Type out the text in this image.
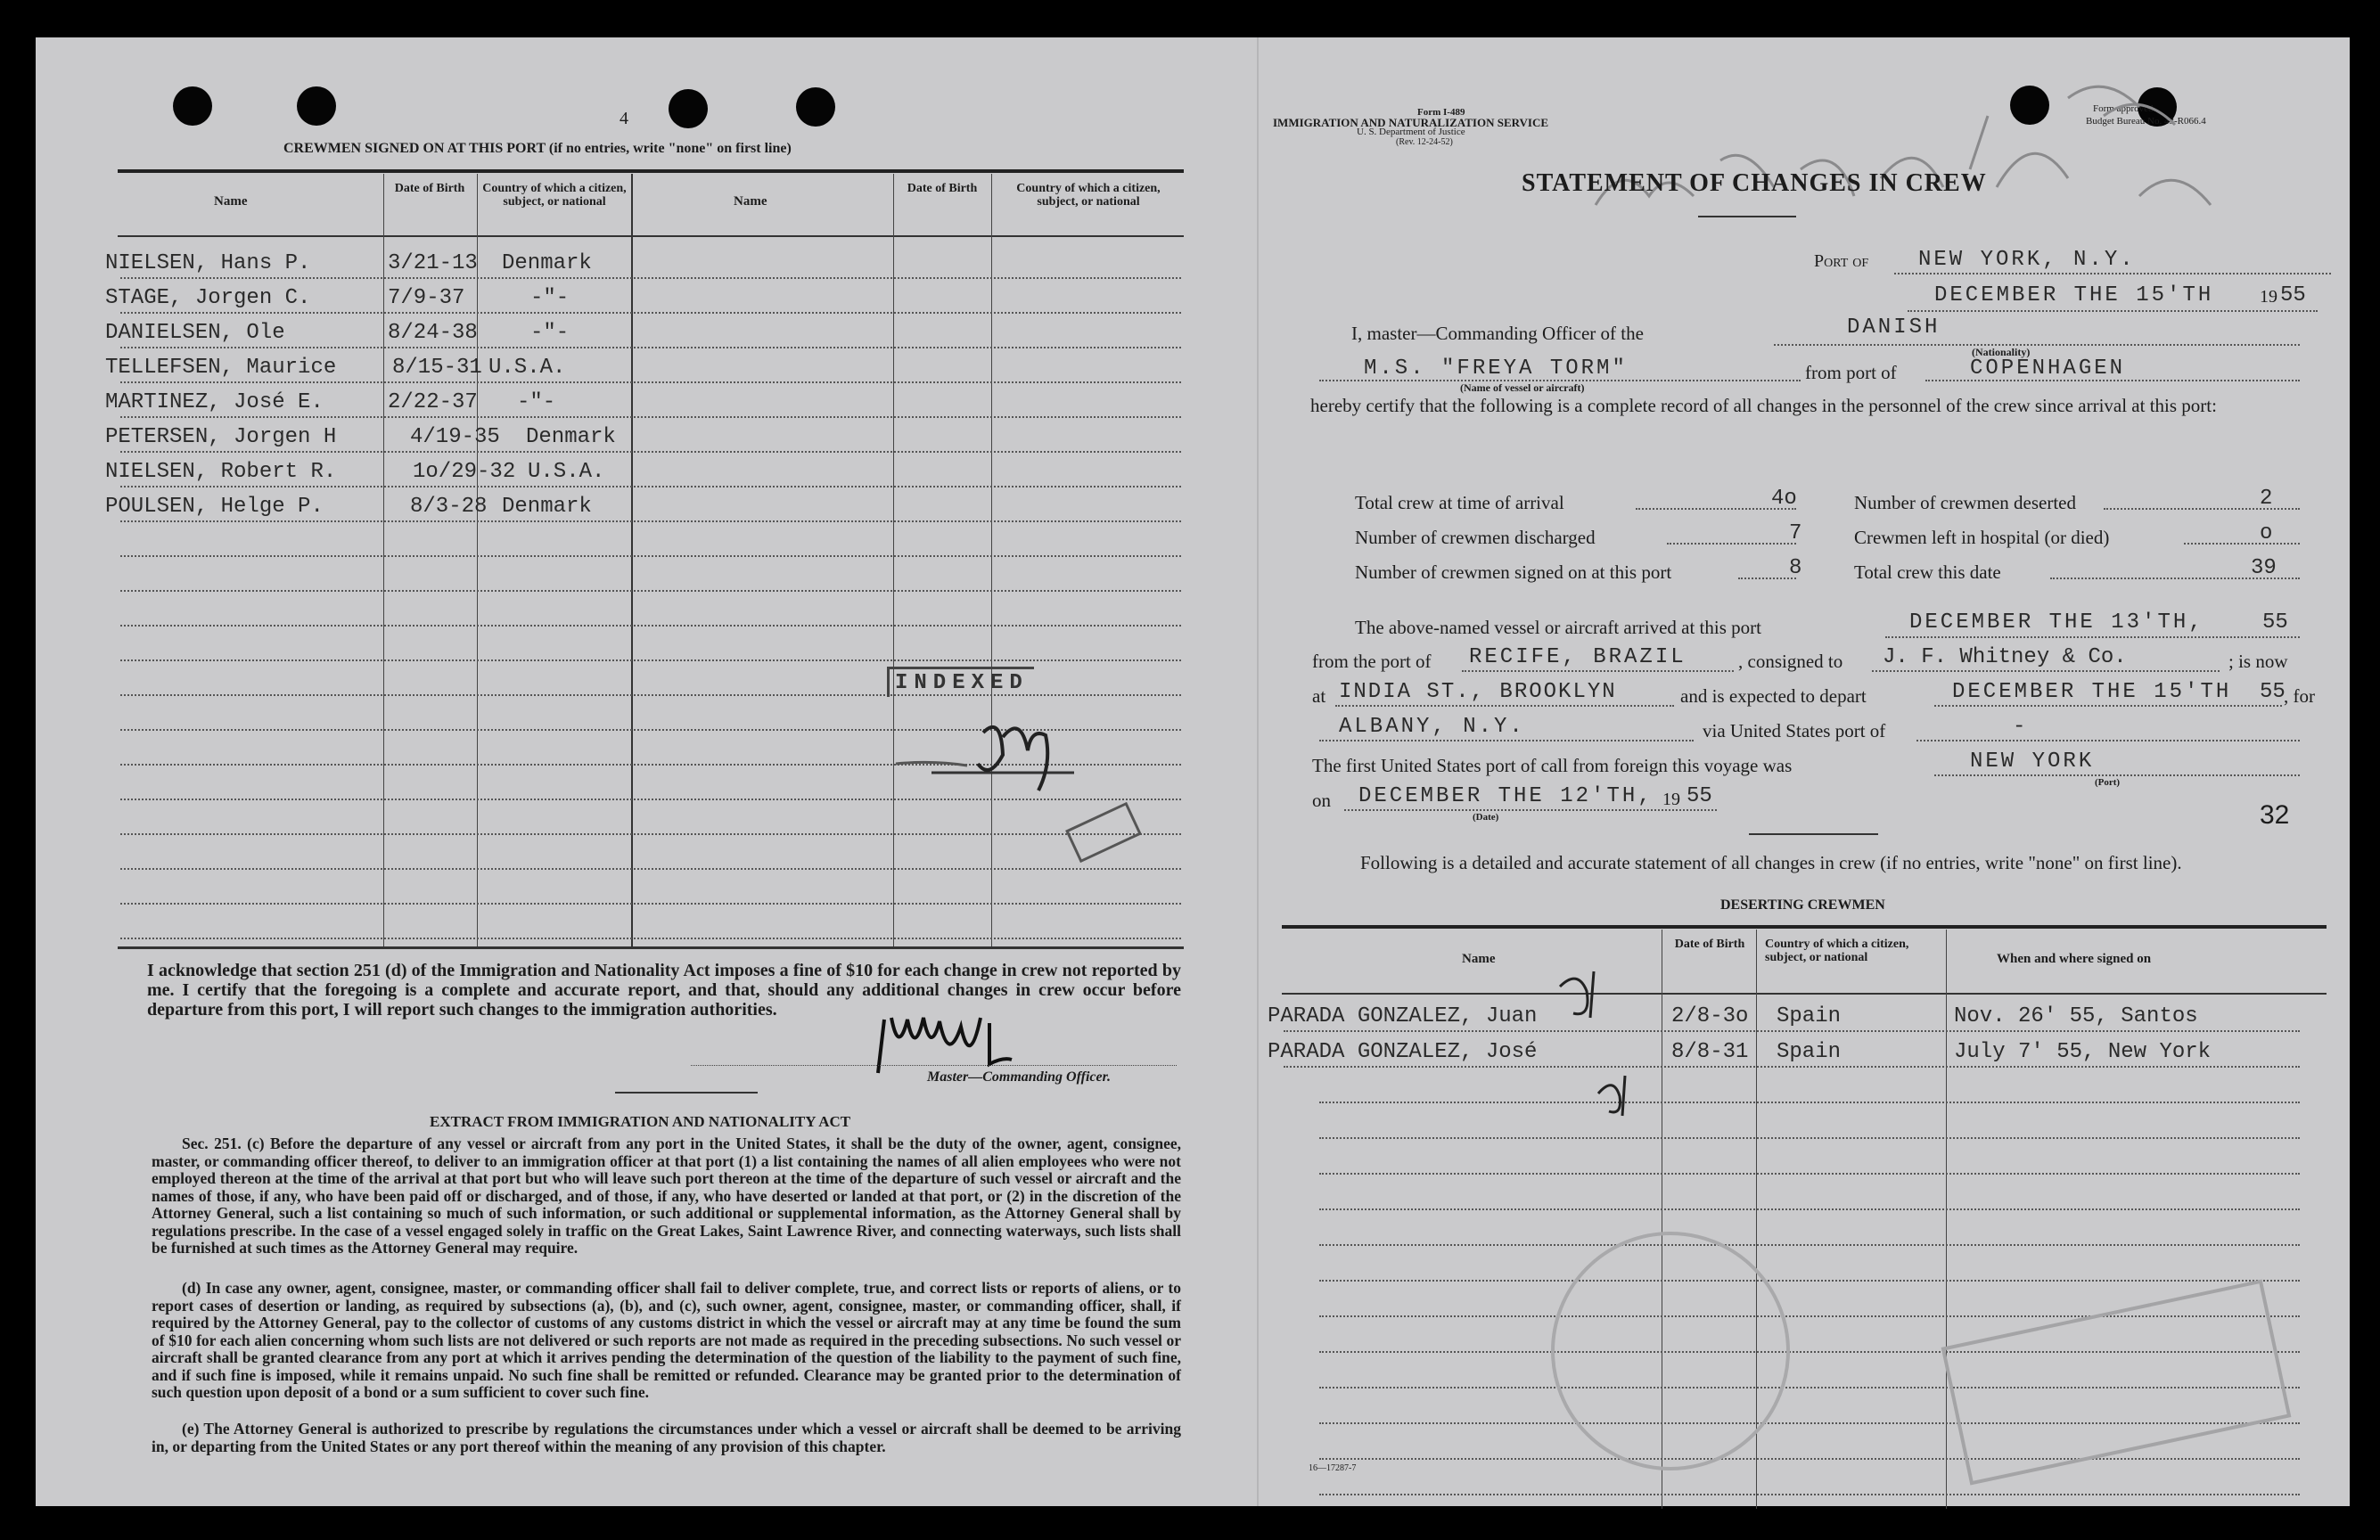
4
CREWMEN SIGNED ON AT THIS PORT (if no entries, write "none" on first line)
Name
Date of Birth	Country of which a citizen, subject, or national	Name
Date of Birth	Country of which a citizen, subject, or national
NIELSEN, Hans P.	3/21-13 Denmark
STAGE, Jorgen C.	7/9-37	-"-
DANIELSEN, Ole	8/24-38 -"-
TELLEFSEN, Maurice	8/15-31 U.S.A.
MARTINEZ, José E.	2/22-37 -"-
PETERSEN, Jorgen H	4/19-35 Denmark
NIELSEN, Robert R.	1o/29-32 U.S.A.
POULSEN, Helge P.	8/3-28 Denmark
INDEXED
I acknowledge that section 251 (d) of the Immigration and Nationality Act imposes a fine of $10 for each change in crew not reported by me. I certify that the foregoing is a complete and accurate report, and that, should any additional changes in crew occur before departure from this port, I will report such changes to the immigration authorities.
Master—Commanding Officer.
EXTRACT FROM IMMIGRATION AND NATIONALITY ACT
Sec. 251. (c) Before the departure of any vessel or aircraft from any port in the United States, it shall be the duty of the owner, agent, consignee, master, or commanding officer thereof, to deliver to an immigration officer at that port (1) a list containing the names of all alien employees who were not employed thereon at the time of the arrival at that port but who will leave such port thereon at the time of the departure of such vessel or aircraft and the names of those, if any, who have been paid off or discharged, and of those, if any, who have deserted or landed at that port, or (2) in the discretion of the Attorney General, such a list containing so much of such information, or such additional or supplemental information, as the Attorney General shall by regulations prescribe. In the case of a vessel engaged solely in traffic on the Great Lakes, Saint Lawrence River, and connecting waterways, such lists shall be furnished at such times as the Attorney General may require.
(d) In case any owner, agent, consignee, master, or commanding officer shall fail to deliver complete, true, and correct lists or reports of aliens, or to report cases of desertion or landing, as required by subsections (a), (b), and (c), such owner, agent, consignee, master, or commanding officer, shall, if required by the Attorney General, pay to the collector of customs of any customs district in which the vessel or aircraft may at any time be found the sum of $10 for each alien concerning whom such lists are not delivered or such reports are not made as required in the preceding subsections. No such vessel or aircraft shall be granted clearance from any port at which it arrives pending the determination of the question of the liability to the payment of such fine, and if such fine is imposed, while it remains unpaid. No such fine shall be remitted or refunded. Clearance may be granted prior to the determination of such question upon deposit of a bond or a sum sufficient to cover such fine.
(e) The Attorney General is authorized to prescribe by regulations the circumstances under which a vessel or aircraft shall be deemed to be arriving in, or departing from the United States or any port thereof within the meaning of any provision of this chapter.
Form I-489
IMMIGRATION AND NATURALIZATION SERVICE
U. S. Department of Justice
(Rev. 12-24-52)
Form approved.
Budget Bureau No. 43-R066.4
STATEMENT OF CHANGES IN CREW
Port of NEW YORK, N.Y.
DECEMBER THE 15'TH	19 55
I, master—Commanding Officer of the	DANISH
(Nationality)
M.S. "FREYA TORM"
(Name of vessel or aircraft)
from port of	COPENHAGEN
hereby certify that the following is a complete record of all changes in the personnel of the crew since arrival at this port:
Total crew at time of arrival	4o	Number of crewmen deserted	2
Number of crewmen discharged	7	Crewmen left in hospital (or died)	o
Number of crewmen signed on at this port	8	Total crew this date	39
The above-named vessel or aircraft arrived at this port	DECEMBER THE 13'TH,	55
from the port of RECIFE, BRAZIL	, consigned to J. F. Whitney & Co.	; is now
at INDIA ST., BROOKLYN	and is expected to depart	DECEMBER THE 15'TH 55
, for
ALBANY, N.Y.	via United States port of	-
The first United States port of call from foreign this voyage was	NEW YORK
(Port)
on DECEMBER THE 12'TH, 19 55
(Date)	32
Following is a detailed and accurate statement of all changes in crew (if no entries, write "none" on first line).
DESERTING CREWMEN
Name
Date of Birth	Country of which a citizen, subject, or national	When and where signed on
PARADA GONZALEZ, Juan	2/8-3o Spain	Nov. 26' 55, Santos
PARADA GONZALEZ, José	8/8-31 Spain	July 7' 55, New York
16—17287-7
